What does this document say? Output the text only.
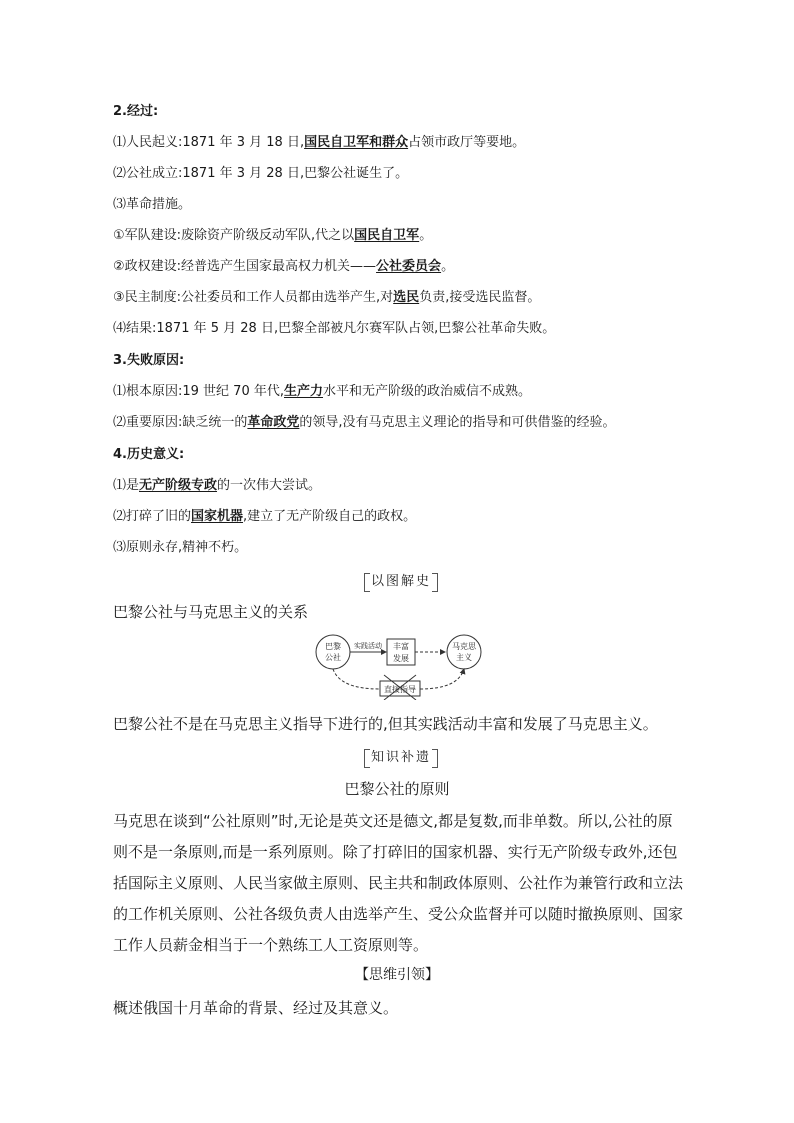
2.经过:
⑴人民起义:1871 年 3 月 18 日,国民自卫军和群众占领市政厅等要地。
⑵公社成立:1871 年 3 月 28 日,巴黎公社诞生了。
⑶革命措施。
①军队建设:废除资产阶级反动军队,代之以国民自卫军。
②政权建设:经普选产生国家最高权力机关——公社委员会。
③民主制度:公社委员和工作人员都由选举产生,对选民负责,接受选民监督。
⑷结果:1871 年 5 月 28 日,巴黎全部被凡尔赛军队占领,巴黎公社革命失败。
3.失败原因:
⑴根本原因:19 世纪 70 年代,生产力水平和无产阶级的政治威信不成熟。
⑵重要原因:缺乏统一的革命政党的领导,没有马克思主义理论的指导和可供借鉴的经验。
4.历史意义:
⑴是无产阶级专政的一次伟大尝试。
⑵打碎了旧的国家机器,建立了无产阶级自己的政权。
⑶原则永存,精神不朽。
以图解史
巴黎公社与马克思主义的关系
巴黎
公社
实践活动 丰富
发展
马克思
主义
直接指导
巴黎公社不是在马克思主义指导下进行的,但其实践活动丰富和发展了马克思主义。
知识补遗
巴黎公社的原则
马克思在谈到“公社原则”时,无论是英文还是德文,都是复数,而非单数。所以,公社的原则不是一条原则,而是一系列原则。除了打碎旧的国家机器、实行无产阶级专政外,还包括国际主义原则、人民当家做主原则、民主共和制政体原则、公社作为兼管行政和立法的工作机关原则、公社各级负责人由选举产生、受公众监督并可以随时撤换原则、国家工作人员薪金相当于一个熟练工人工资原则等。
【思维引领】
概述俄国十月革命的背景、经过及其意义。
